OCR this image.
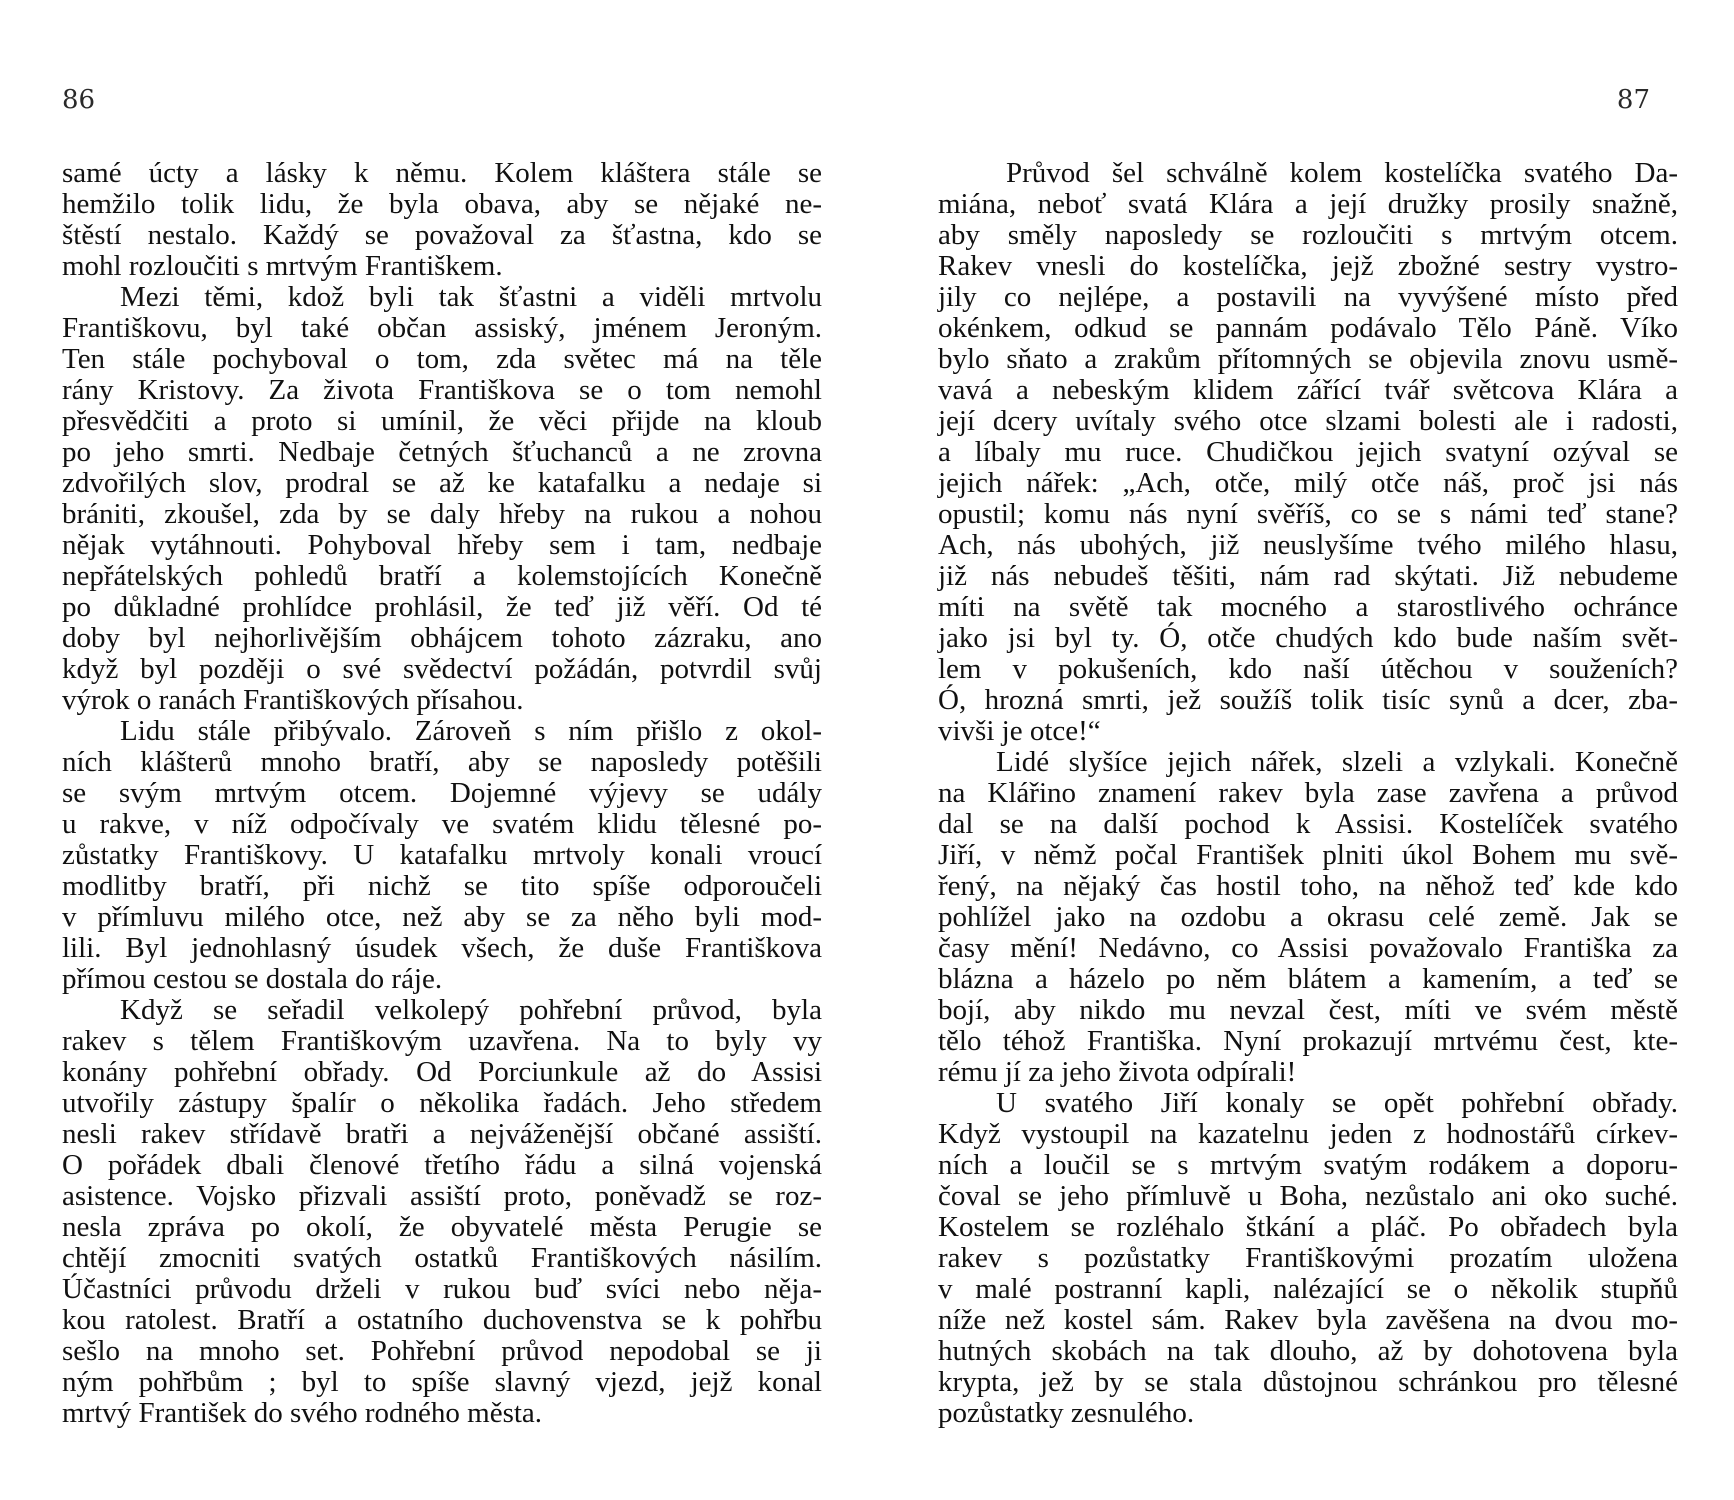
86
samé úcty a lásky k němu. Kolem kláštera stále se
hemžilo tolik lidu, že byla obava, aby se nějaké ne-
štěstí nestalo. Každý se považoval za šťastna, kdo se
mohl rozloučiti s mrtvým Františkem.
Mezi těmi, kdož byli tak šťastni a viděli mrtvolu
Františkovu, byl také občan assiský, jménem Jeroným.
Ten stále pochyboval o tom, zda světec má na těle
rány Kristovy. Za života Františkova se o tom nemohl
přesvědčiti a proto si umínil, že věci přijde na kloub
po jeho smrti. Nedbaje četných šťuchanců a ne zrovna
zdvořilých slov, prodral se až ke katafalku a nedaje si
brániti, zkoušel, zda by se daly hřeby na rukou a nohou
nějak vytáhnouti. Pohyboval hřeby sem i tam, nedbaje
nepřátelských pohledů bratří a kolemstojících Konečně
po důkladné prohlídce prohlásil, že teď již věří. Od té
doby byl nejhorlivějším obhájcem tohoto zázraku, ano
když byl později o své svědectví požádán, potvrdil svůj
výrok o ranách Františkových přísahou.
Lidu stále přibývalo. Zároveň s ním přišlo z okol-
ních klášterů mnoho bratří, aby se naposledy potěšili
se svým mrtvým otcem. Dojemné výjevy se udály
u rakve, v níž odpočívaly ve svatém klidu tělesné po-
zůstatky Františkovy. U katafalku mrtvoly konali vroucí
modlitby bratří, při nichž se tito spíše odporoučeli
v přímluvu milého otce, než aby se za něho byli mod-
lili. Byl jednohlasný úsudek všech, že duše Františkova
přímou cestou se dostala do ráje.
Když se seřadil velkolepý pohřební průvod, byla
rakev s tělem Františkovým uzavřena. Na to byly vy
konány pohřební obřady. Od Porciunkule až do Assisi
utvořily zástupy špalír o několika řadách. Jeho středem
nesli rakev střídavě bratři a nejváženější občané assiští.
O pořádek dbali členové třetího řádu a silná vojenská
asistence. Vojsko přizvali assiští proto, poněvadž se roz-
nesla zpráva po okolí, že obyvatelé města Perugie se
chtějí zmocniti svatých ostatků Františkových násilím.
Účastníci průvodu drželi v rukou buď svíci nebo něja-
kou ratolest. Bratří a ostatního duchovenstva se k pohřbu
sešlo na mnoho set. Pohřební průvod nepodobal se ji
ným pohřbům ; byl to spíše slavný vjezd, jejž konal
mrtvý František do svého rodného města.
87
Průvod šel schválně kolem kostelíčka svatého Da-
miána, neboť svatá Klára a její družky prosily snažně,
aby směly naposledy se rozloučiti s mrtvým otcem.
Rakev vnesli do kostelíčka, jejž zbožné sestry vystro-
jily co nejlépe, a postavili na vyvýšené místo před
okénkem, odkud se pannám podávalo Tělo Páně. Víko
bylo sňato a zrakům přítomných se objevila znovu usmě-
vavá a nebeským klidem zářící tvář světcova Klára a
její dcery uvítaly svého otce slzami bolesti ale i radosti,
a líbaly mu ruce. Chudičkou jejich svatyní ozýval se
jejich nářek: „Ach, otče, milý otče náš, proč jsi nás
opustil; komu nás nyní svěříš, co se s námi teď stane?
Ach, nás ubohých, již neuslyšíme tvého milého hlasu,
již nás nebudeš těšiti, nám rad skýtati. Již nebudeme
míti na světě tak mocného a starostlivého ochránce
jako jsi byl ty. Ó, otče chudých kdo bude naším svět-
lem v pokušeních, kdo naší útěchou v souženích?
Ó, hrozná smrti, jež soužíš tolik tisíc synů a dcer, zba-
vivši je otce!“
Lidé slyšíce jejich nářek, slzeli a vzlykali. Konečně
na Klářino znamení rakev byla zase zavřena a průvod
dal se na další pochod k Assisi. Kostelíček svatého
Jiří, v němž počal František plniti úkol Bohem mu svě-
řený, na nějaký čas hostil toho, na něhož teď kde kdo
pohlížel jako na ozdobu a okrasu celé země. Jak se
časy mění! Nedávno, co Assisi považovalo Františka za
blázna a házelo po něm blátem a kamením, a teď se
bojí, aby nikdo mu nevzal čest, míti ve svém městě
tělo téhož Františka. Nyní prokazují mrtvému čest, kte-
rému jí za jeho života odpírali!
U svatého Jiří konaly se opět pohřební obřady.
Když vystoupil na kazatelnu jeden z hodnostářů církev-
ních a loučil se s mrtvým svatým rodákem a doporu-
čoval se jeho přímluvě u Boha, nezůstalo ani oko suché.
Kostelem se rozléhalo štkání a pláč. Po obřadech byla
rakev s pozůstatky Františkovými prozatím uložena
v malé postranní kapli, nalézající se o několik stupňů
níže než kostel sám. Rakev byla zavěšena na dvou mo-
hutných skobách na tak dlouho, až by dohotovena byla
krypta, jež by se stala důstojnou schránkou pro tělesné
pozůstatky zesnulého.
